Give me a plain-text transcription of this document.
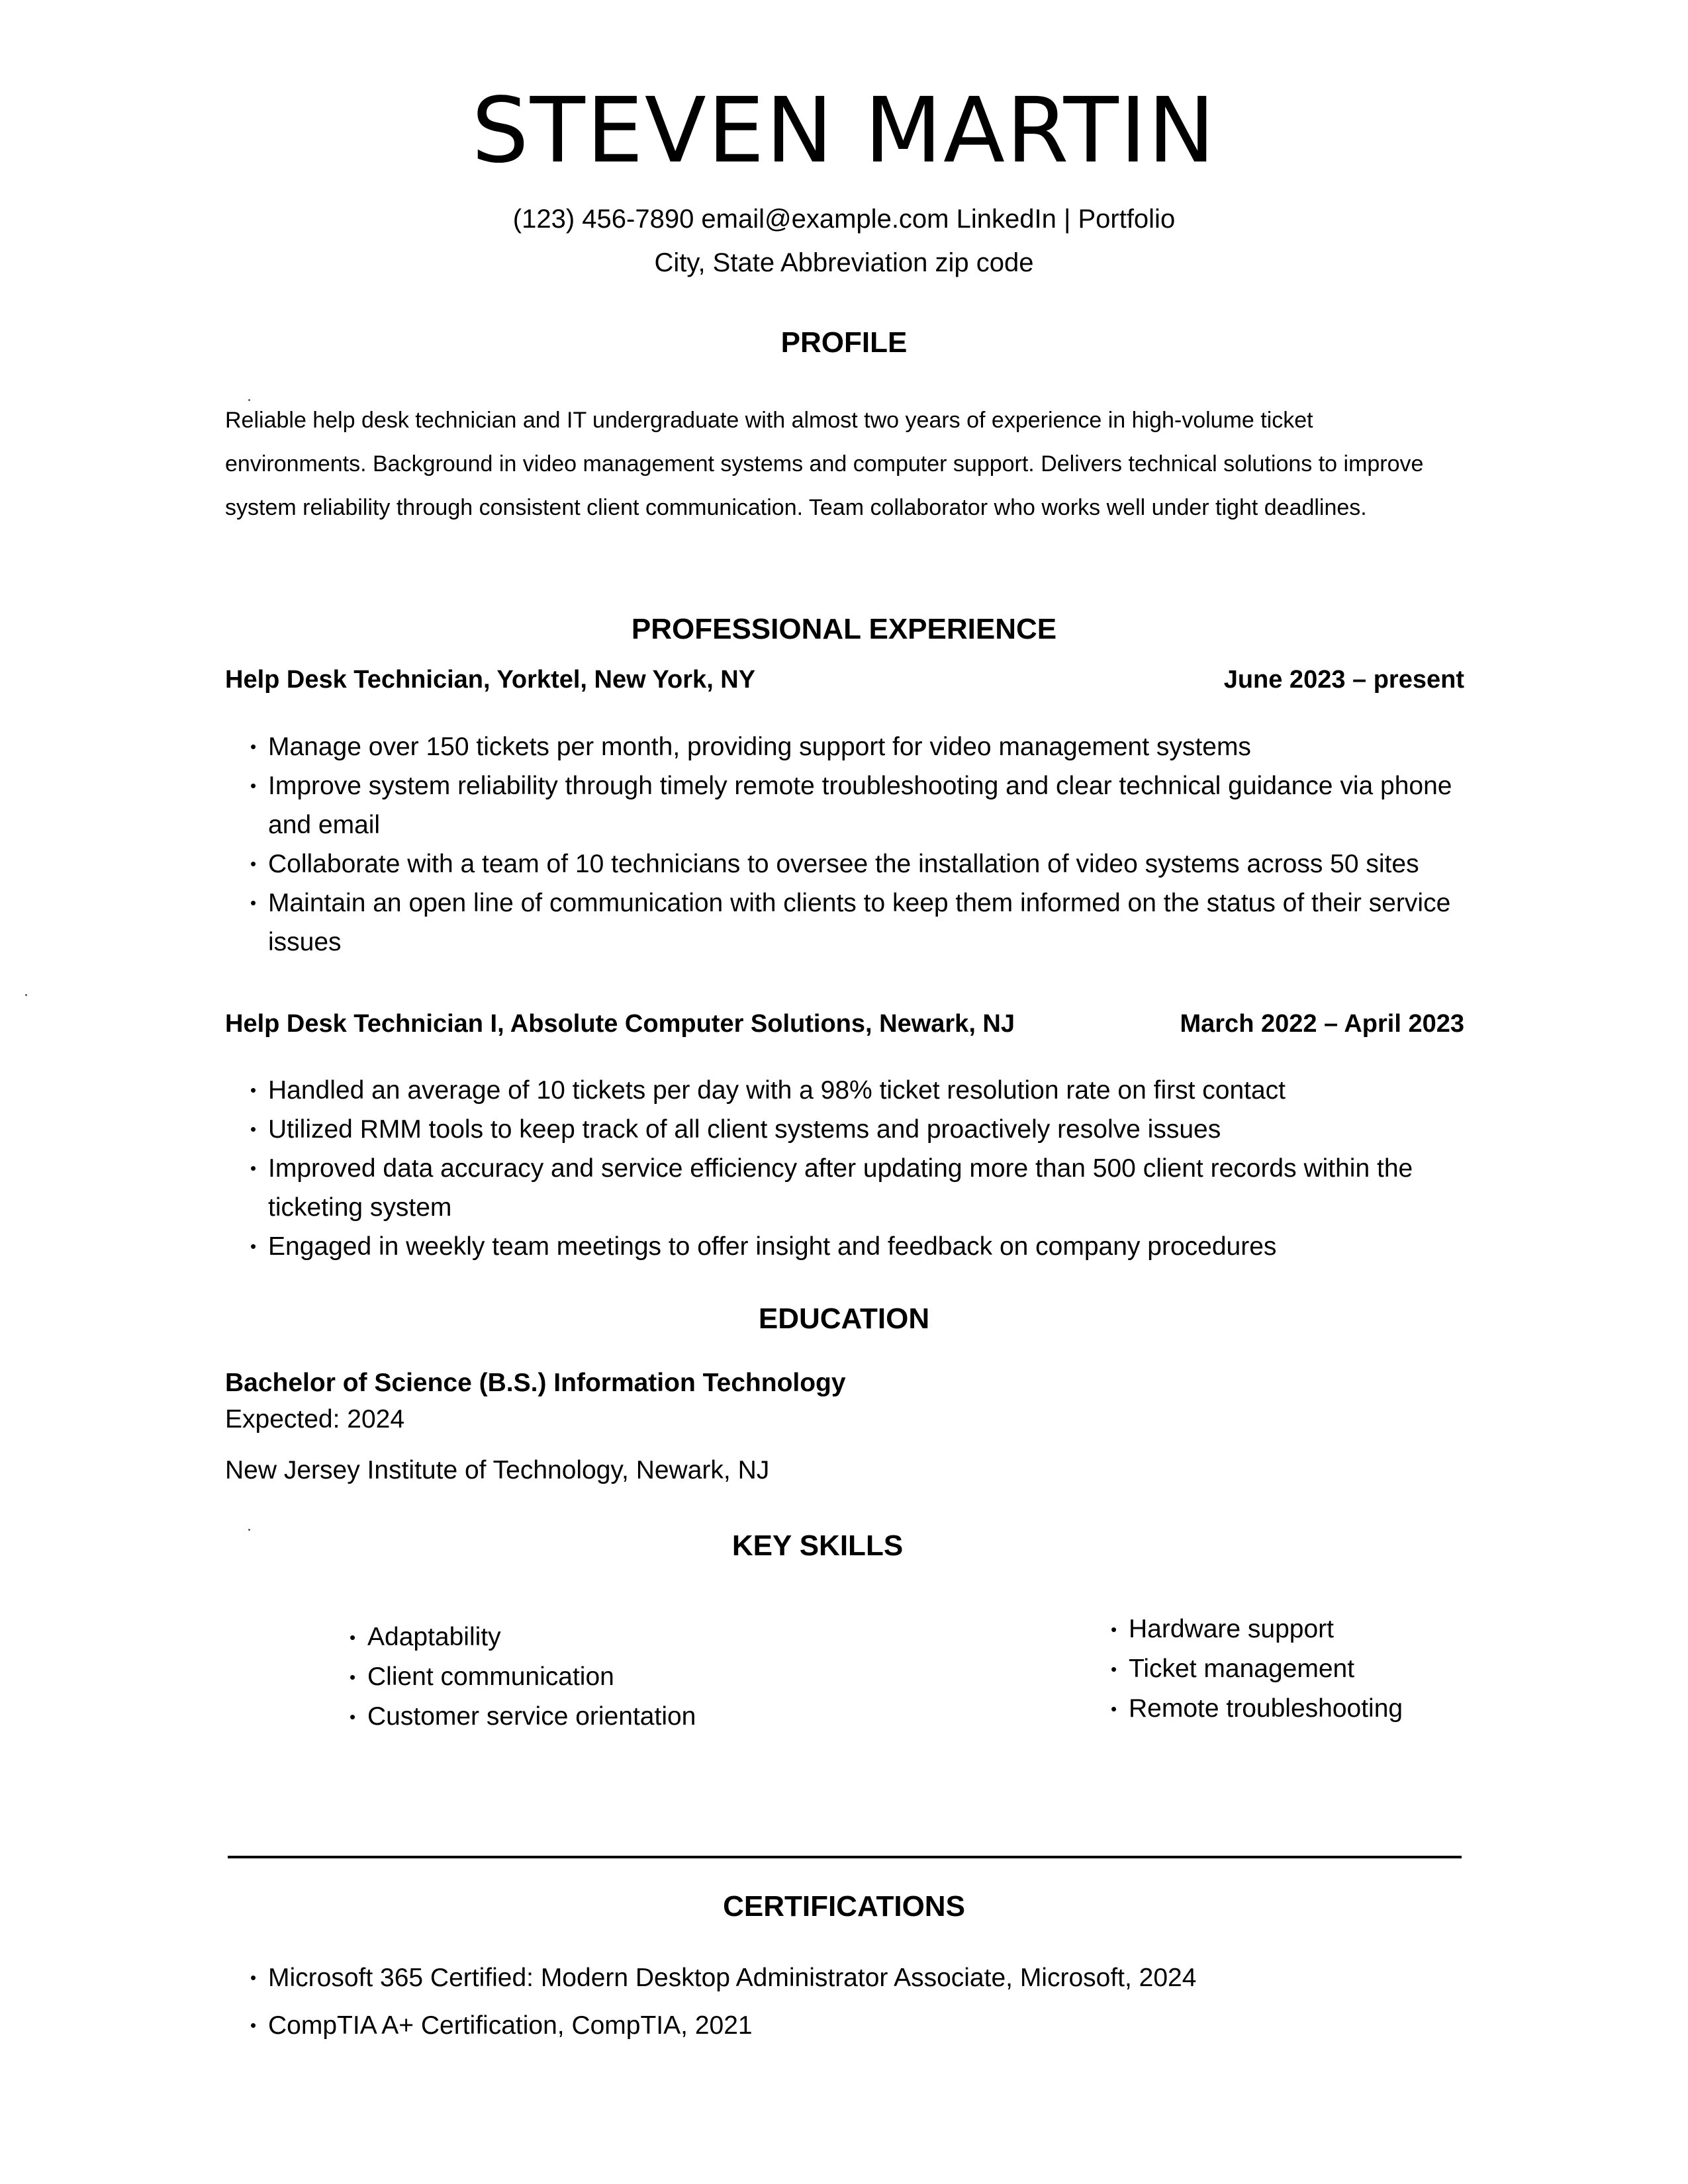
STEVEN MARTIN
(123) 456-7890 email@example.com LinkedIn | Portfolio
City, State Abbreviation zip code
PROFILE
Reliable help desk technician and IT undergraduate with almost two years of experience in high-volume ticket environments. Background in video management systems and computer support. Delivers technical solutions to improve system reliability through consistent client communication. Team collaborator who works well under tight deadlines.
PROFESSIONAL EXPERIENCE
Help Desk Technician, Yorktel, New York, NY	June 2023 – present
• Manage over 150 tickets per month, providing support for video management systems
• Improve system reliability through timely remote troubleshooting and clear technical guidance via phone and email
• Collaborate with a team of 10 technicians to oversee the installation of video systems across 50 sites
• Maintain an open line of communication with clients to keep them informed on the status of their service issues
Help Desk Technician I, Absolute Computer Solutions, Newark, NJ	March 2022 – April 2023
• Handled an average of 10 tickets per day with a 98% ticket resolution rate on first contact
• Utilized RMM tools to keep track of all client systems and proactively resolve issues
• Improved data accuracy and service efficiency after updating more than 500 client records within the ticketing system
• Engaged in weekly team meetings to offer insight and feedback on company procedures
EDUCATION
Bachelor of Science (B.S.) Information Technology
Expected: 2024
New Jersey Institute of Technology, Newark, NJ
KEY SKILLS
• Adaptability
• Client communication
• Customer service orientation
• Hardware support
• Ticket management
• Remote troubleshooting
CERTIFICATIONS
• Microsoft 365 Certified: Modern Desktop Administrator Associate, Microsoft, 2024
• CompTIA A+ Certification, CompTIA, 2021
